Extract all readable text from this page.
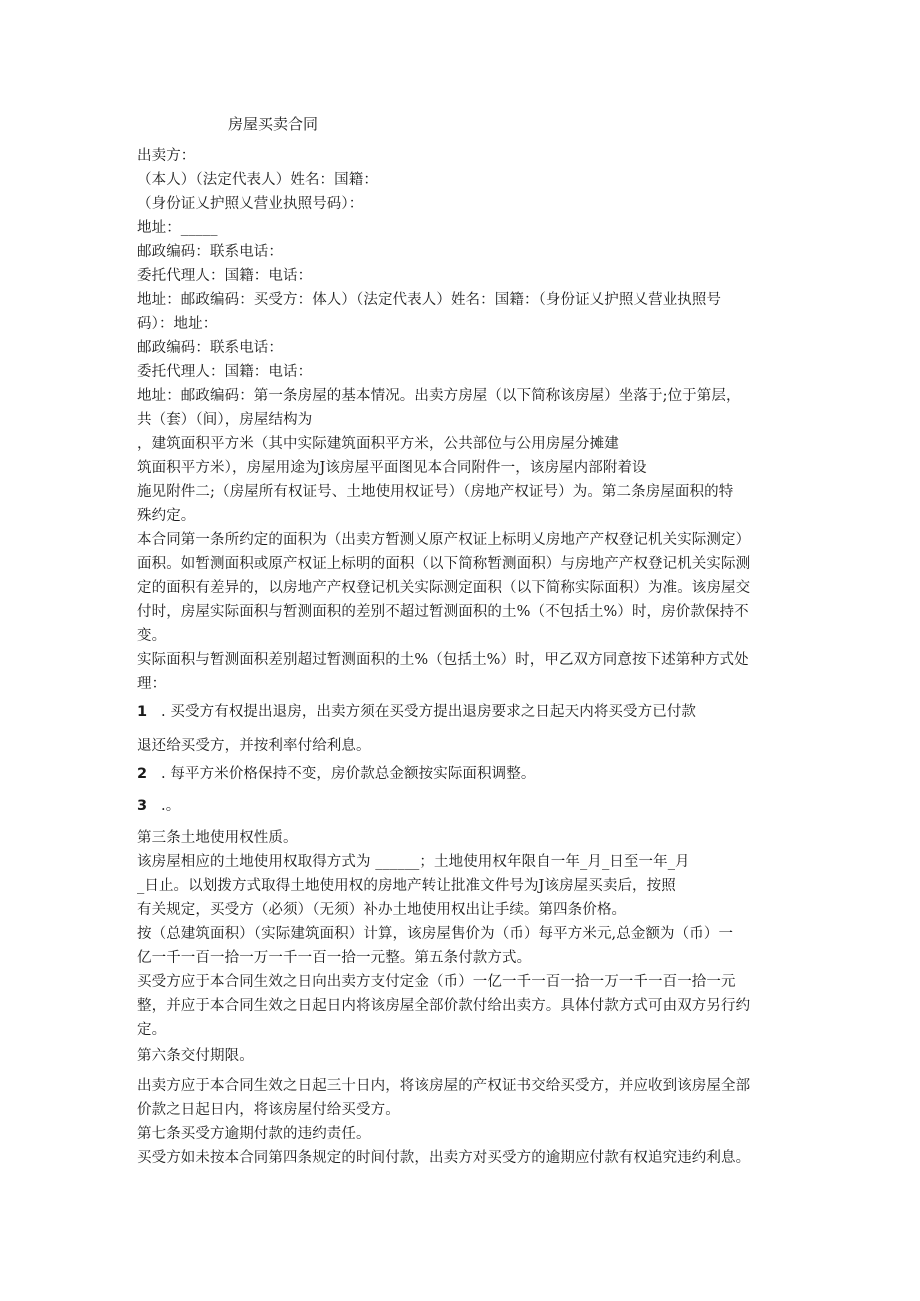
房屋买卖合同
出卖方：
（本人）（法定代表人）姓名：国籍：
（身份证乂护照乂营业执照号码）：
地址：_____
邮政编码：联系电话：
委托代理人：国籍：电话：
地址：邮政编码：买受方：体人）（法定代表人）姓名：国籍：（身份证乂护照乂营业执照号
码）：地址：
邮政编码：联系电话：
委托代理人：国籍：电话：
地址：邮政编码：第一条房屋的基本情况。出卖方房屋（以下简称该房屋）坐落于;位于第层，
共（套）（间），房屋结构为
，建筑面积平方米（其中实际建筑面积平方米，公共部位与公用房屋分摊建
筑面积平方米），房屋用途为J该房屋平面图见本合同附件一，该房屋内部附着设
施见附件二;（房屋所有权证号、土地使用权证号）（房地产权证号）为。第二条房屋面积的特
殊约定。
本合同第一条所约定的面积为（出卖方暂测乂原产权证上标明乂房地产产权登记机关实际测定）
面积。如暂测面积或原产权证上标明的面积（以下简称暂测面积）与房地产产权登记机关实际测
定的面积有差异的，以房地产产权登记机关实际测定面积（以下简称实际面积）为准。该房屋交
付时，房屋实际面积与暂测面积的差别不超过暂测面积的土%（不包括土%）时，房价款保持不
变。
实际面积与暂测面积差别超过暂测面积的土%（包括土%）时，甲乙双方同意按下述第种方式处
理：
1 . 买受方有权提出退房，出卖方须在买受方提出退房要求之日起天内将买受方已付款
退还给买受方，并按利率付给利息。
2 . 每平方米价格保持不变，房价款总金额按实际面积调整。
3 .。
第三条土地使用权性质。
该房屋相应的土地使用权取得方式为 ______；土地使用权年限自一年_月_日至一年_月
_日止。以划拨方式取得土地使用权的房地产转让批准文件号为J该房屋买卖后，按照
有关规定，买受方（必须）（无须）补办土地使用权出让手续。第四条价格。
按（总建筑面积）（实际建筑面积）计算，该房屋售价为（币）每平方米元,总金额为（币）一
亿一千一百一拾一万一千一百一拾一元整。第五条付款方式。
买受方应于本合同生效之日向出卖方支付定金（币）一亿一千一百一拾一万一千一百一拾一元
整，并应于本合同生效之日起日内将该房屋全部价款付给出卖方。具体付款方式可由双方另行约
定。
第六条交付期限。
出卖方应于本合同生效之日起三十日内，将该房屋的产权证书交给买受方，并应收到该房屋全部
价款之日起日内，将该房屋付给买受方。
第七条买受方逾期付款的违约责任。
买受方如未按本合同第四条规定的时间付款，出卖方对买受方的逾期应付款有权追究违约利息。
